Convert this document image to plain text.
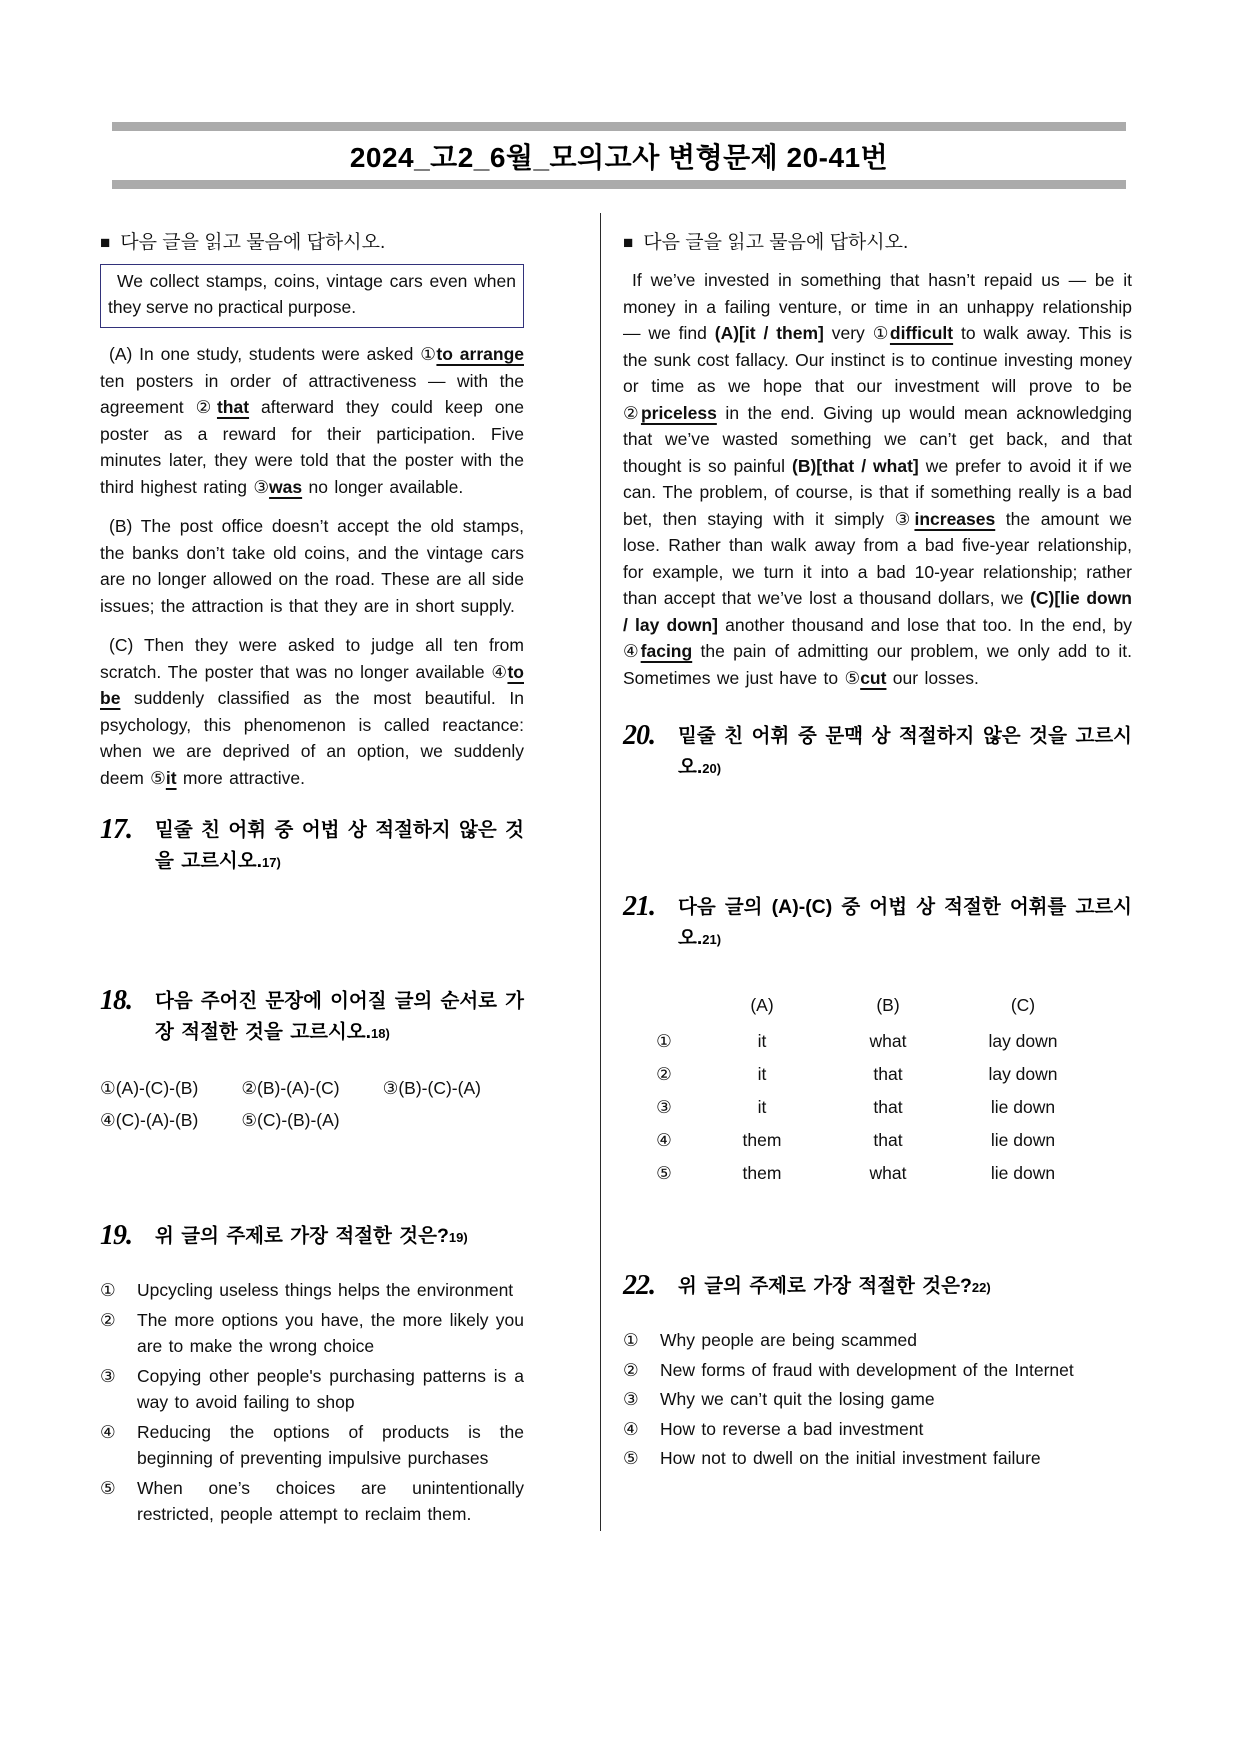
2024_고2_6월_모의고사 변형문제 20-41번
■ 다음 글을 읽고 물음에 답하시오.

We collect stamps, coins, vintage cars even when they serve no practical purpose.

(A) In one study, students were asked ①to arrange ten posters in order of attractiveness — with the agreement ②that afterward they could keep one poster as a reward for their participation. Five minutes later, they were told that the poster with the third highest rating ③was no longer available.

(B) The post office doesn’t accept the old stamps, the banks don’t take old coins, and the vintage cars are no longer allowed on the road. These are all side issues; the attraction is that they are in short supply.

(C) Then they were asked to judge all ten from scratch. The poster that was no longer available ④to be suddenly classified as the most beautiful. In psychology, this phenomenon is called reactance: when we are deprived of an option, we suddenly deem ⑤it more attractive.

17.	밑줄 친 어휘 중 어법 상 적절하지 않은 것을 고르시오.17)
18.	다음 주어진 문장에 이어질 글의 순서로 가장 적절한 것을 고르시오.18)
① (A)-(C)-(B) ② (B)-(A)-(C) ③ (B)-(C)-(A)
④ (C)-(A)-(B) ⑤ (C)-(B)-(A)
19.	위 글의 주제로 가장 적절한 것은?19)
①	Upcycling useless things helps the environment
②	The more options you have, the more likely you are to make the wrong choice
③	Copying other people's purchasing patterns is a way to avoid failing to shop
④	Reducing the options of products is the beginning of preventing impulsive purchases
⑤	When one’s choices are unintentionally restricted, people attempt to reclaim them.
■ 다음 글을 읽고 물음에 답하시오.

If we’ve invested in something that hasn’t repaid us — be it money in a failing venture, or time in an unhappy relationship — we find (A)[it / them] very ①difficult to walk away. This is the sunk cost fallacy. Our instinct is to continue investing money or time as we hope that our investment will prove to be ②priceless in the end. Giving up would mean acknowledging that we’ve wasted something we can’t get back, and that thought is so painful (B)[that / what] we prefer to avoid it if we can. The problem, of course, is that if something really is a bad bet, then staying with it simply ③increases the amount we lose. Rather than walk away from a bad five-year relationship, for example, we turn it into a bad 10-year relationship; rather than accept that we’ve lost a thousand dollars, we (C)[lie down / lay down] another thousand and lose that too. In the end, by ④facing the pain of admitting our problem, we only add to it. Sometimes we just have to ⑤cut our losses.

20.	밑줄 친 어휘 중 문맥 상 적절하지 않은 것을 고르시오.20)
21.	다음 글의 (A)-(C) 중 어법 상 적절한 어휘를 고르시오.21)
(A)	(B)	(C)
①	it	what	lay down
②	it	that	lay down
③	it	that	lie down
④	them	that	lie down
⑤	them	what	lie down
22.	위 글의 주제로 가장 적절한 것은?22)
①	Why people are being scammed
②	New forms of fraud with development of the Internet
③	Why we can’t quit the losing game
④	How to reverse a bad investment
⑤	How not to dwell on the initial investment failure
